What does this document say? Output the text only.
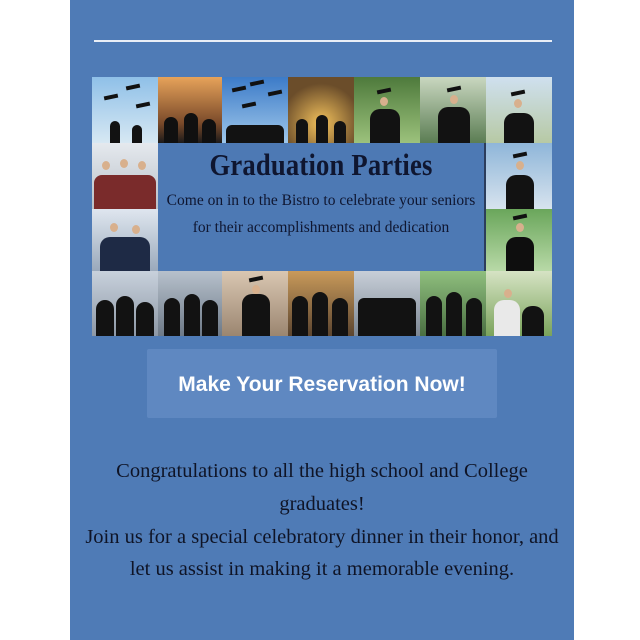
Graduation Parties
Come on in to the Bistro to celebrate your seniors for their accomplishments and dedication
Make Your Reservation Now!
Congratulations to all the high school and College graduates!
Join us for a special celebratory dinner in their honor, and let us assist in making it a memorable evening.
